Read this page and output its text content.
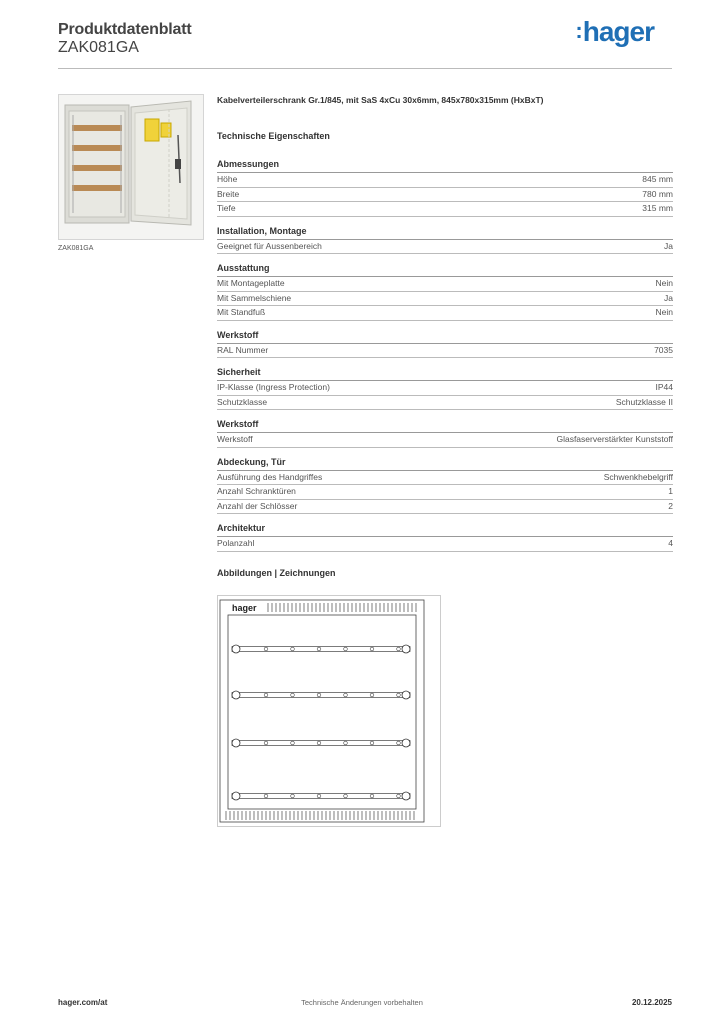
Produktdatenblatt
ZAK081GA
:hager
ZAK081GA
Kabelverteilerschrank Gr.1/845, mit SaS 4xCu 30x6mm, 845x780x315mm (HxBxT)
Technische Eigenschaften
Abmessungen
Höhe	845 mm
Breite	780 mm
Tiefe	315 mm
Installation, Montage
Geeignet für Aussenbereich	Ja
Ausstattung
Mit Montageplatte	Nein
Mit Sammelschiene	Ja
Mit Standfuß	Nein
Werkstoff
RAL Nummer	7035
Sicherheit
IP-Klasse (Ingress Protection)	IP44
Schutzklasse	Schutzklasse II
Werkstoff
Werkstoff	Glasfaserverstärkter Kunststoff
Abdeckung, Tür
Ausführung des Handgriffes	Schwenkhebelgriff
Anzahl Schranktüren	1
Anzahl der Schlösser	2
Architektur
Polanzahl	4
Abbildungen | Zeichnungen
hager
hager.com/at	Technische Änderungen vorbehalten	20.12.2025
